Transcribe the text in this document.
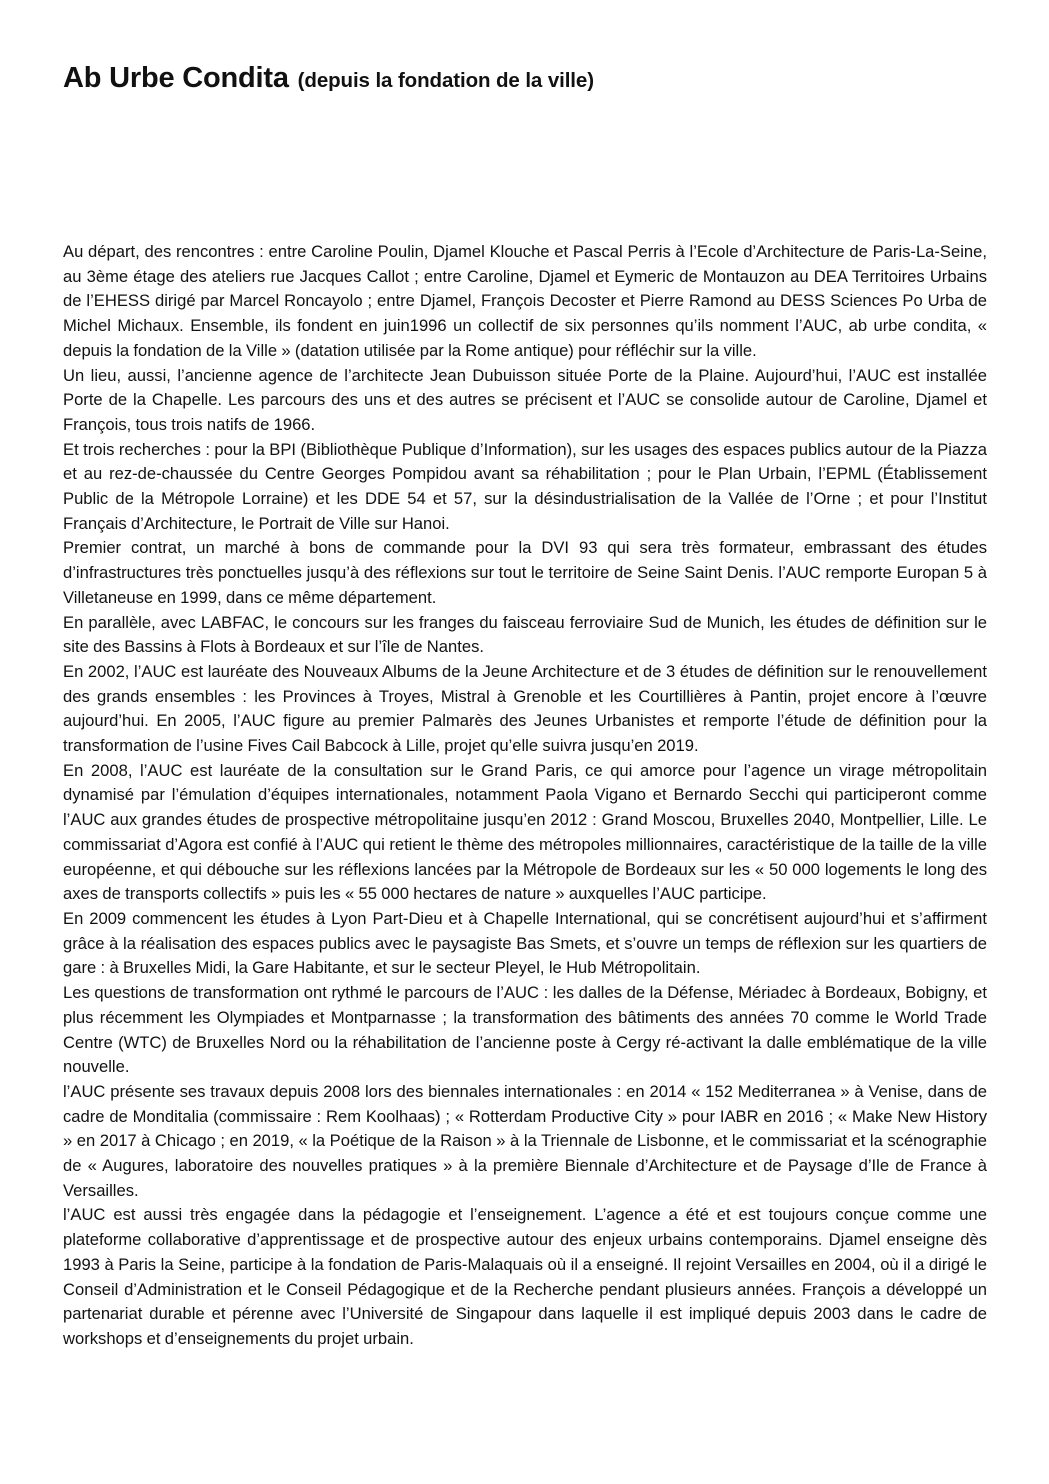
Ab Urbe Condita (depuis la fondation de la ville)

Au départ, des rencontres : entre Caroline Poulin, Djamel Klouche et Pascal Perris à l’Ecole d’Architecture de Paris-La-Seine, au 3ème étage des ateliers rue Jacques Callot ; entre Caroline, Djamel et Eymeric de Montauzon au DEA Territoires Urbains de l’EHESS dirigé par Marcel Roncayolo ; entre Djamel, François Decoster et Pierre Ramond au DESS Sciences Po Urba de Michel Michaux. Ensemble, ils fondent en juin1996 un collectif de six personnes qu’ils nomment l’AUC, ab urbe condita, « depuis la fondation de la Ville » (datation utilisée par la Rome antique) pour réfléchir sur la ville.

Un lieu, aussi, l’ancienne agence de l’architecte Jean Dubuisson située Porte de la Plaine. Aujourd’hui, l’AUC est installée Porte de la Chapelle. Les parcours des uns et des autres se précisent et l’AUC se consolide autour de Caroline, Djamel et François, tous trois natifs de 1966.

Et trois recherches : pour la BPI (Bibliothèque Publique d’Information), sur les usages des espaces publics autour de la Piazza et au rez-de-chaussée du Centre Georges Pompidou avant sa réhabilitation ; pour le Plan Urbain, l’EPML (Établissement Public de la Métropole Lorraine) et les DDE 54 et 57, sur la désindustrialisation de la Vallée de l’Orne ; et pour l’Institut Français d’Architecture, le Portrait de Ville sur Hanoi.

Premier contrat, un marché à bons de commande pour la DVI 93 qui sera très formateur, embrassant des études d’infrastructures très ponctuelles jusqu’à des réflexions sur tout le territoire de Seine Saint Denis. l’AUC remporte Europan 5 à Villetaneuse en 1999, dans ce même département.

En parallèle, avec LABFAC, le concours sur les franges du faisceau ferroviaire Sud de Munich, les études de définition sur le site des Bassins à Flots à Bordeaux et sur l’île de Nantes.

En 2002, l’AUC est lauréate des Nouveaux Albums de la Jeune Architecture et de 3 études de définition sur le renouvellement des grands ensembles : les Provinces à Troyes, Mistral à Grenoble et les Courtillières à Pantin, projet encore à l’œuvre aujourd’hui. En 2005, l’AUC figure au premier Palmarès des Jeunes Urbanistes et remporte l’étude de définition pour la transformation de l’usine Fives Cail Babcock à Lille, projet qu’elle suivra jusqu’en 2019.

En 2008, l’AUC est lauréate de la consultation sur le Grand Paris, ce qui amorce pour l’agence un virage métropolitain dynamisé par l’émulation d’équipes internationales, notamment Paola Vigano et Bernardo Secchi qui participeront comme l’AUC aux grandes études de prospective métropolitaine jusqu’en 2012 : Grand Moscou, Bruxelles 2040, Montpellier, Lille. Le commissariat d’Agora est confié à l’AUC qui retient le thème des métropoles millionnaires, caractéristique de la taille de la ville européenne, et qui débouche sur les réflexions lancées par la Métropole de Bordeaux sur les « 50 000 logements le long des axes de transports collectifs » puis les « 55 000 hectares de nature » auxquelles l’AUC participe.

En 2009 commencent les études à Lyon Part-Dieu et à Chapelle International, qui se concrétisent aujourd’hui et s’affirment grâce à la réalisation des espaces publics avec le paysagiste Bas Smets, et s’ouvre un temps de réflexion sur les quartiers de gare : à Bruxelles Midi, la Gare Habitante, et sur le secteur Pleyel, le Hub Métropolitain.

Les questions de transformation ont rythmé le parcours de l’AUC : les dalles de la Défense, Mériadec à Bordeaux, Bobigny, et plus récemment les Olympiades et Montparnasse ; la transformation des bâtiments des années 70 comme le World Trade Centre (WTC) de Bruxelles Nord ou la réhabilitation de l’ancienne poste à Cergy ré-activant la dalle emblématique de la ville nouvelle.

l’AUC présente ses travaux depuis 2008 lors des biennales internationales : en 2014 « 152 Mediterranea » à Venise, dans de cadre de Monditalia (commissaire : Rem Koolhaas) ; « Rotterdam Productive City » pour IABR en 2016 ; « Make New History » en 2017 à Chicago ; en 2019, « la Poétique de la Raison » à la Triennale de Lisbonne, et le commissariat et la scénographie de « Augures, laboratoire des nouvelles pratiques » à la première Biennale d’Architecture et de Paysage d’Ile de France à Versailles.

l’AUC est aussi très engagée dans la pédagogie et l’enseignement. L’agence a été et est toujours conçue comme une plateforme collaborative d’apprentissage et de prospective autour des enjeux urbains contemporains. Djamel enseigne dès 1993 à Paris la Seine, participe à la fondation de Paris-Malaquais où il a enseigné. Il rejoint Versailles en 2004, où il a dirigé le Conseil d’Administration et le Conseil Pédagogique et de la Recherche pendant plusieurs années. François a développé un partenariat durable et pérenne avec l’Université de Singapour dans laquelle il est impliqué depuis 2003 dans le cadre de workshops et d’enseignements du projet urbain.
